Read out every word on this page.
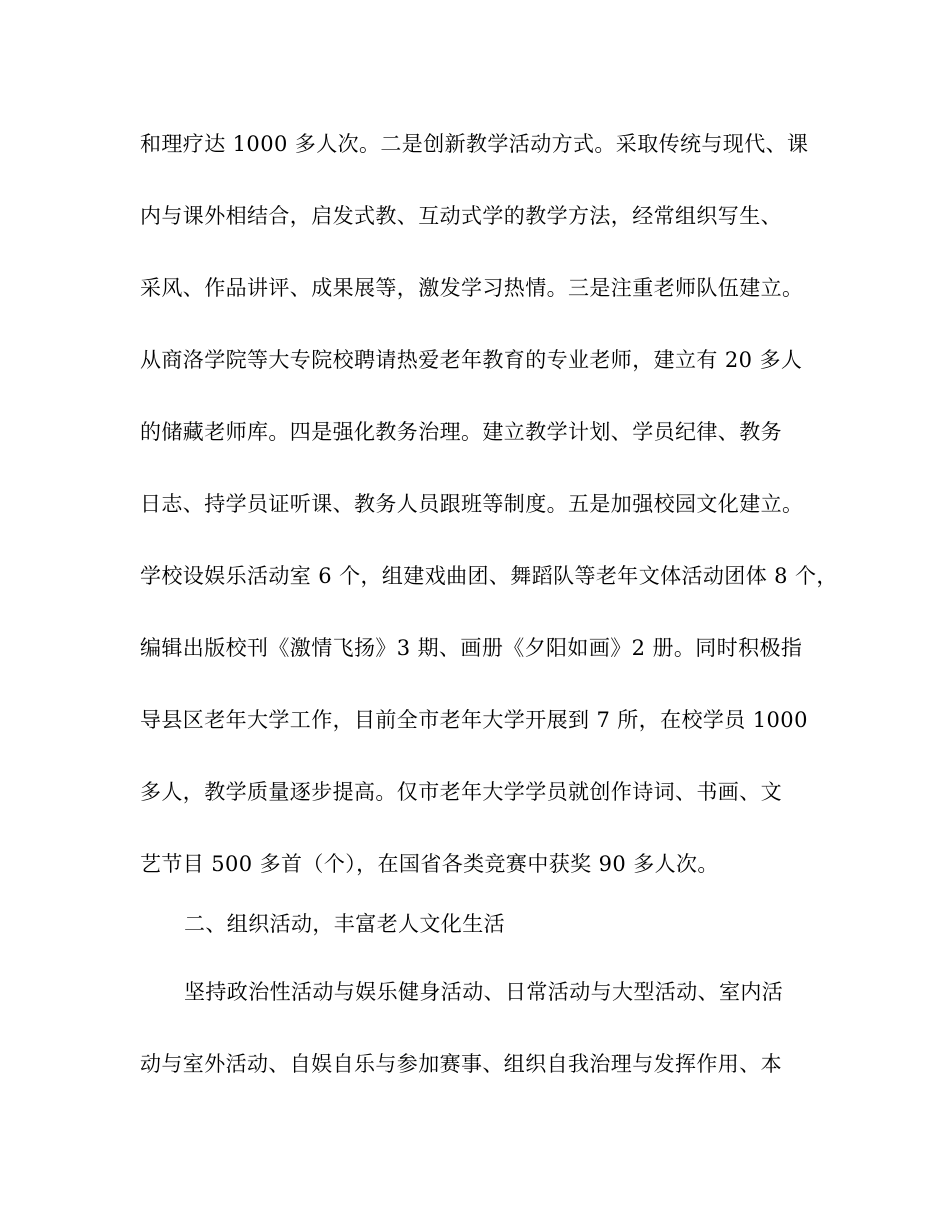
和理疗达 1000 多人次。二是创新教学活动方式。采取传统与现代、课
内与课外相结合，启发式教、互动式学的教学方法，经常组织写生、
采风、作品讲评、成果展等，激发学习热情。三是注重老师队伍建立。
从商洛学院等大专院校聘请热爱老年教育的专业老师，建立有 20 多人
的储藏老师库。四是强化教务治理。建立教学计划、学员纪律、教务
日志、持学员证听课、教务人员跟班等制度。五是加强校园文化建立。
学校设娱乐活动室 6 个，组建戏曲团、舞蹈队等老年文体活动团体 8 个，
编辑出版校刊《激情飞扬》3 期、画册《夕阳如画》2 册。同时积极指
导县区老年大学工作，目前全市老年大学开展到 7 所，在校学员 1000
多人，教学质量逐步提高。仅市老年大学学员就创作诗词、书画、文
艺节目 500 多首（个），在国省各类竞赛中获奖 90 多人次。
二、组织活动，丰富老人文化生活
坚持政治性活动与娱乐健身活动、日常活动与大型活动、室内活
动与室外活动、自娱自乐与参加赛事、组织自我治理与发挥作用、本
